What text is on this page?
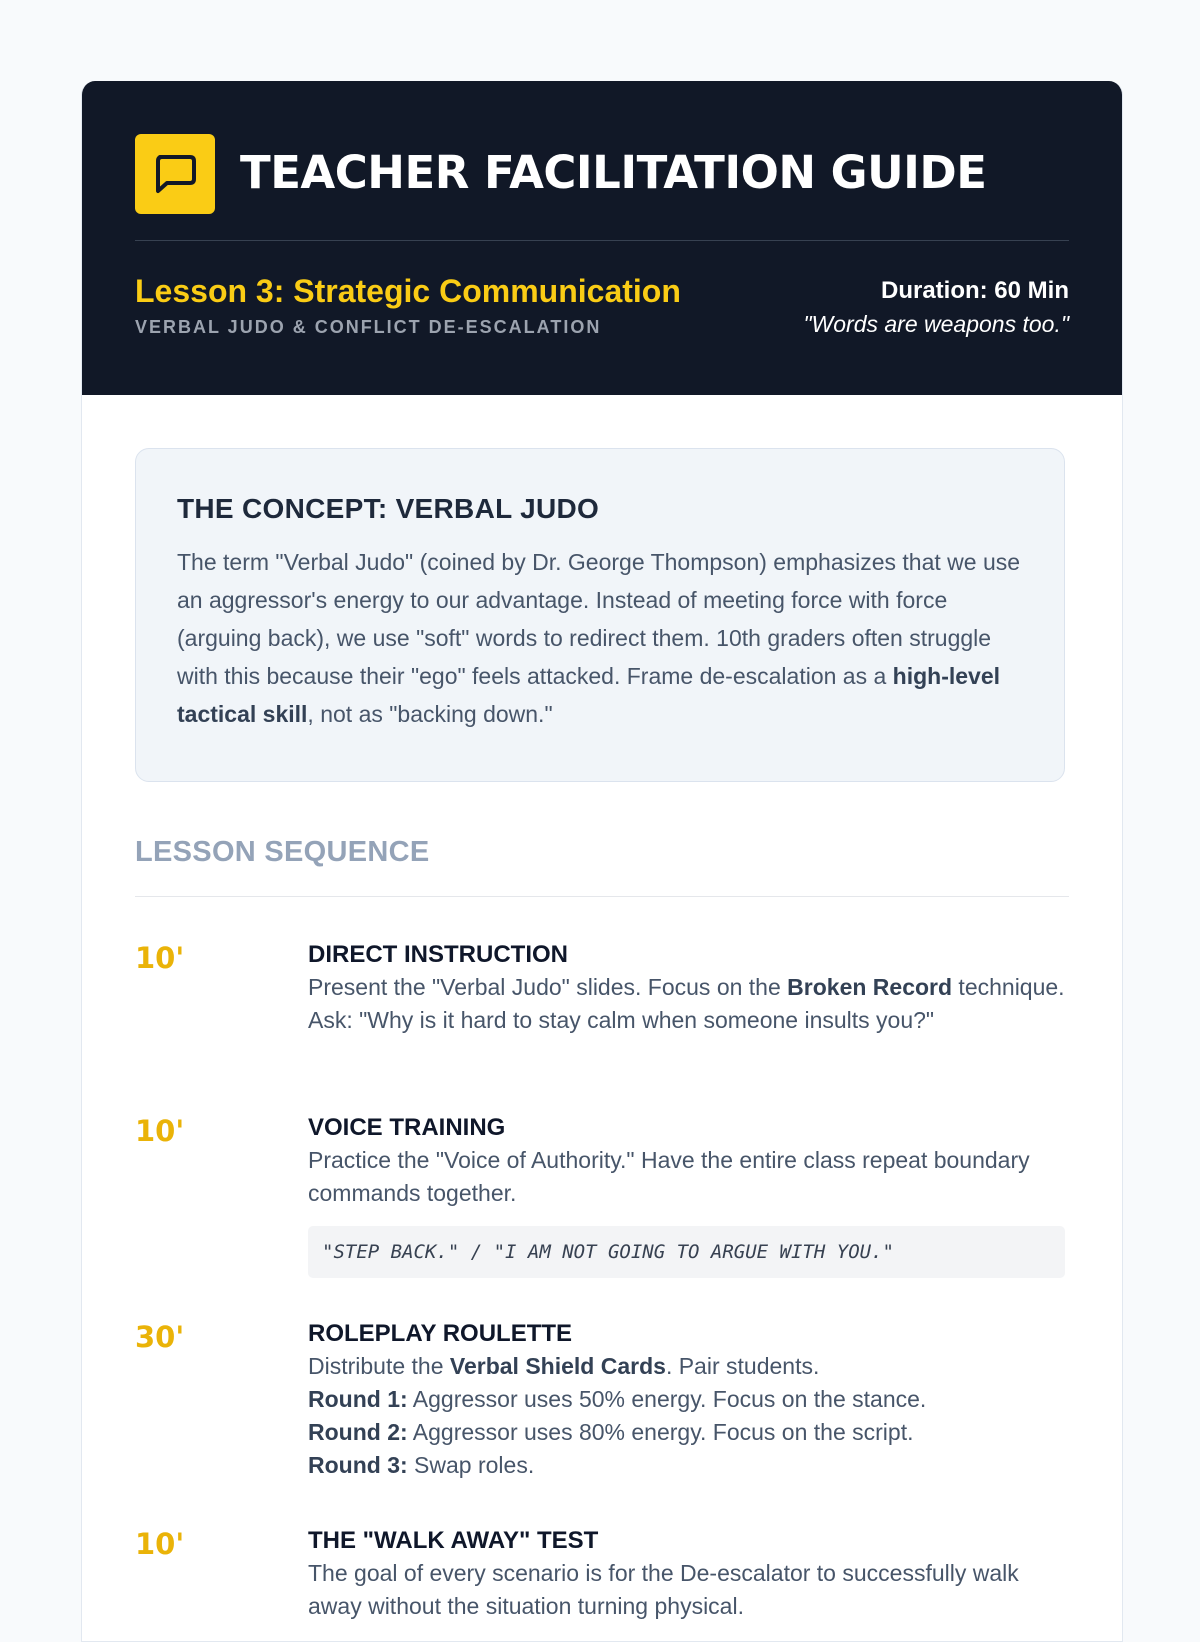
TEACHER FACILITATION GUIDE
Lesson 3: Strategic Communication
VERBAL JUDO & CONFLICT DE-ESCALATION
Duration: 60 Min
"Words are weapons too."
THE CONCEPT: VERBAL JUDO

The term "Verbal Judo" (coined by Dr. George Thompson) emphasizes that we use an aggressor's energy to our advantage. Instead of meeting force with force (arguing back), we use "soft" words to redirect them. 10th graders often struggle with this because their "ego" feels attacked. Frame de-escalation as a high-level tactical skill, not as "backing down."

LESSON SEQUENCE
10'	DIRECT INSTRUCTION
Present the "Verbal Judo" slides. Focus on the Broken Record technique. Ask: "Why is it hard to stay calm when someone insults you?"
10'	VOICE TRAINING
Practice the "Voice of Authority." Have the entire class repeat boundary commands together.
"STEP BACK." / "I AM NOT GOING TO ARGUE WITH YOU."
30'	ROLEPLAY ROULETTE
Distribute the Verbal Shield Cards. Pair students.
Round 1: Aggressor uses 50% energy. Focus on the stance.
Round 2: Aggressor uses 80% energy. Focus on the script.
Round 3: Swap roles.
10'	THE "WALK AWAY" TEST
The goal of every scenario is for the De-escalator to successfully walk away without the situation turning physical.
